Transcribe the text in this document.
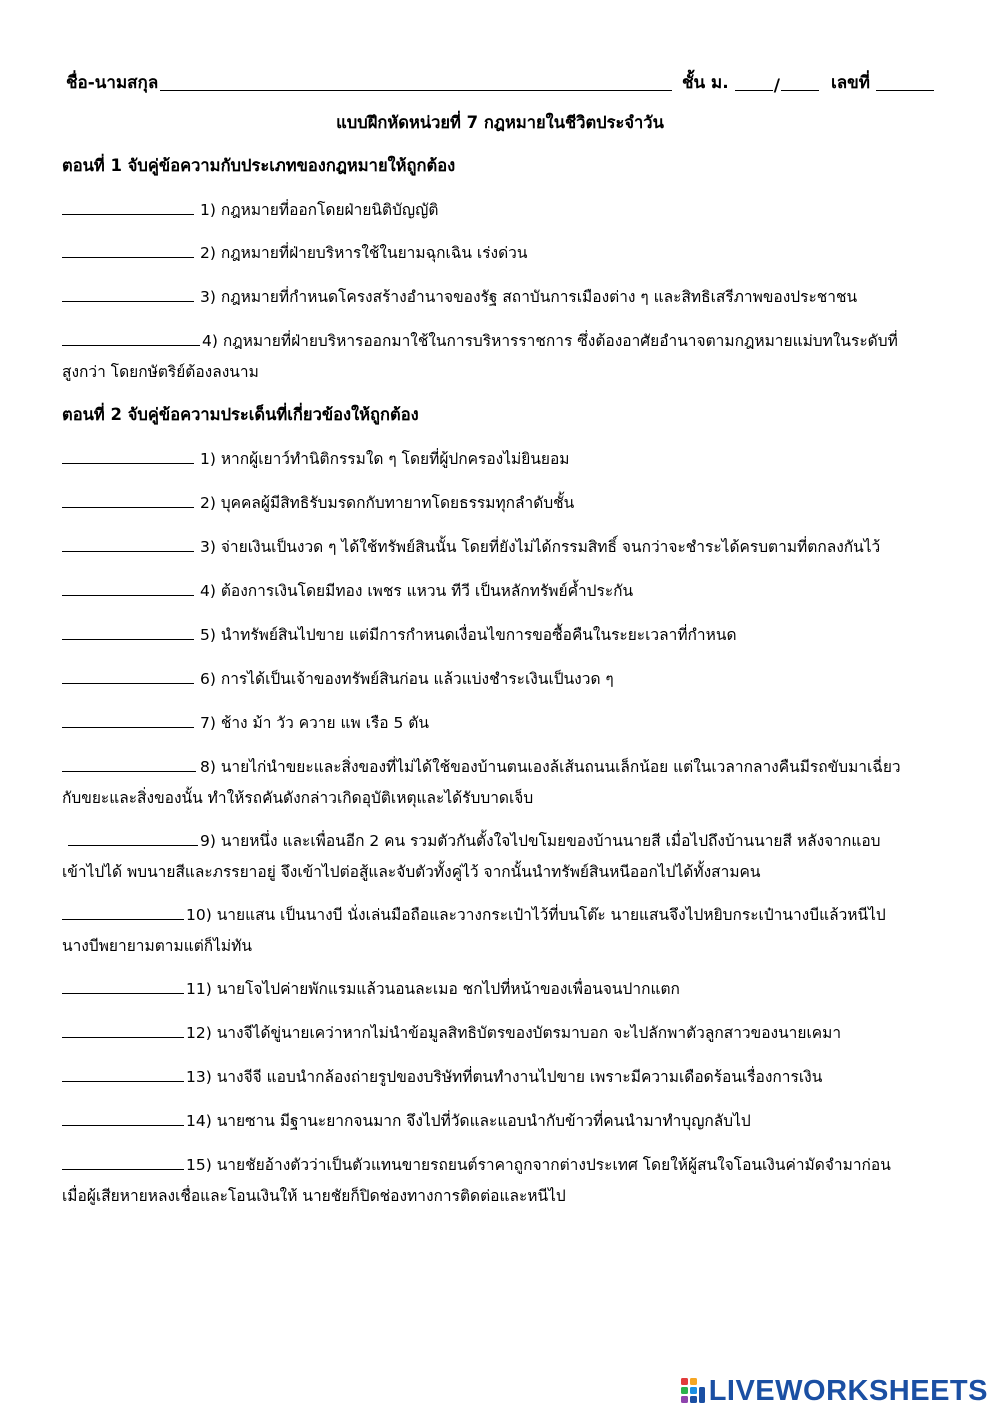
ชื่อ-นามสกุล	ชั้น ม.	/	เลขที่
แบบฝึกหัดหน่วยที่ 7 กฎหมายในชีวิตประจำวัน
ตอนที่ 1 จับคู่ข้อความกับประเภทของกฎหมายให้ถูกต้อง
1) กฎหมายที่ออกโดยฝ่ายนิติบัญญัติ
2) กฎหมายที่ฝ่ายบริหารใช้ในยามฉุกเฉิน เร่งด่วน
3) กฎหมายที่กำหนดโครงสร้างอำนาจของรัฐ สถาบันการเมืองต่าง ๆ และสิทธิเสรีภาพของประชาชน
4) กฎหมายที่ฝ่ายบริหารออกมาใช้ในการบริหารราชการ ซึ่งต้องอาศัยอำนาจตามกฎหมายแม่บทในระดับที่
สูงกว่า โดยกษัตริย์ต้องลงนาม
ตอนที่ 2 จับคู่ข้อความประเด็นที่เกี่ยวข้องให้ถูกต้อง
1) หากผู้เยาว์ทำนิติกรรมใด ๆ โดยที่ผู้ปกครองไม่ยินยอม
2) บุคคลผู้มีสิทธิรับมรดกกับทายาทโดยธรรมทุกลำดับชั้น
3) จ่ายเงินเป็นงวด ๆ ได้ใช้ทรัพย์สินนั้น โดยที่ยังไม่ได้กรรมสิทธิ์ จนกว่าจะชำระได้ครบตามที่ตกลงกันไว้
4) ต้องการเงินโดยมีทอง เพชร แหวน ทีวี เป็นหลักทรัพย์ค้ำประกัน
5) นำทรัพย์สินไปขาย แต่มีการกำหนดเงื่อนไขการขอซื้อคืนในระยะเวลาที่กำหนด
6) การได้เป็นเจ้าของทรัพย์สินก่อน แล้วแบ่งชำระเงินเป็นงวด ๆ
7) ช้าง ม้า วัว ควาย แพ เรือ 5 ตัน
8) นายไก่นำขยะและสิ่งของที่ไม่ได้ใช้ของบ้านตนเองล้เส้นถนนเล็กน้อย แต่ในเวลากลางคืนมีรถขับมาเฉี่ยว
กับขยะและสิ่งของนั้น ทำให้รถคันดังกล่าวเกิดอุบัติเหตุและได้รับบาดเจ็บ
9) นายหนึ่ง และเพื่อนอีก 2 คน รวมตัวกันตั้งใจไปขโมยของบ้านนายสี เมื่อไปถึงบ้านนายสี หลังจากแอบ
เข้าไปได้ พบนายสีและภรรยาอยู่ จึงเข้าไปต่อสู้และจับตัวทั้งคู่ไว้ จากนั้นนำทรัพย์สินหนีออกไปได้ทั้งสามคน
10) นายแสน เป็นนางบี นั่งเล่นมือถือและวางกระเป๋าไว้ที่บนโต๊ะ นายแสนจึงไปหยิบกระเป๋านางบีแล้วหนีไป
นางบีพยายามตามแต่ก็ไม่ทัน
11) นายโจไปค่ายพักแรมแล้วนอนละเมอ ชกไปที่หน้าของเพื่อนจนปากแตก
12) นางจีได้ขู่นายเคว่าหากไม่นำข้อมูลสิทธิบัตรของบัตรมาบอก จะไปลักพาตัวลูกสาวของนายเคมา
13) นางจีจี แอบนำกล้องถ่ายรูปของบริษัทที่ตนทำงานไปขาย เพราะมีความเดือดร้อนเรื่องการเงิน
14) นายซาน มีฐานะยากจนมาก จึงไปที่วัดและแอบนำกับข้าวที่คนนำมาทำบุญกลับไป
15) นายชัยอ้างตัวว่าเป็นตัวแทนขายรถยนต์ราคาถูกจากต่างประเทศ โดยให้ผู้สนใจโอนเงินค่ามัดจำมาก่อน
เมื่อผู้เสียหายหลงเชื่อและโอนเงินให้ นายชัยก็ปิดช่องทางการติดต่อและหนีไป
LIVEWORKSHEETS
